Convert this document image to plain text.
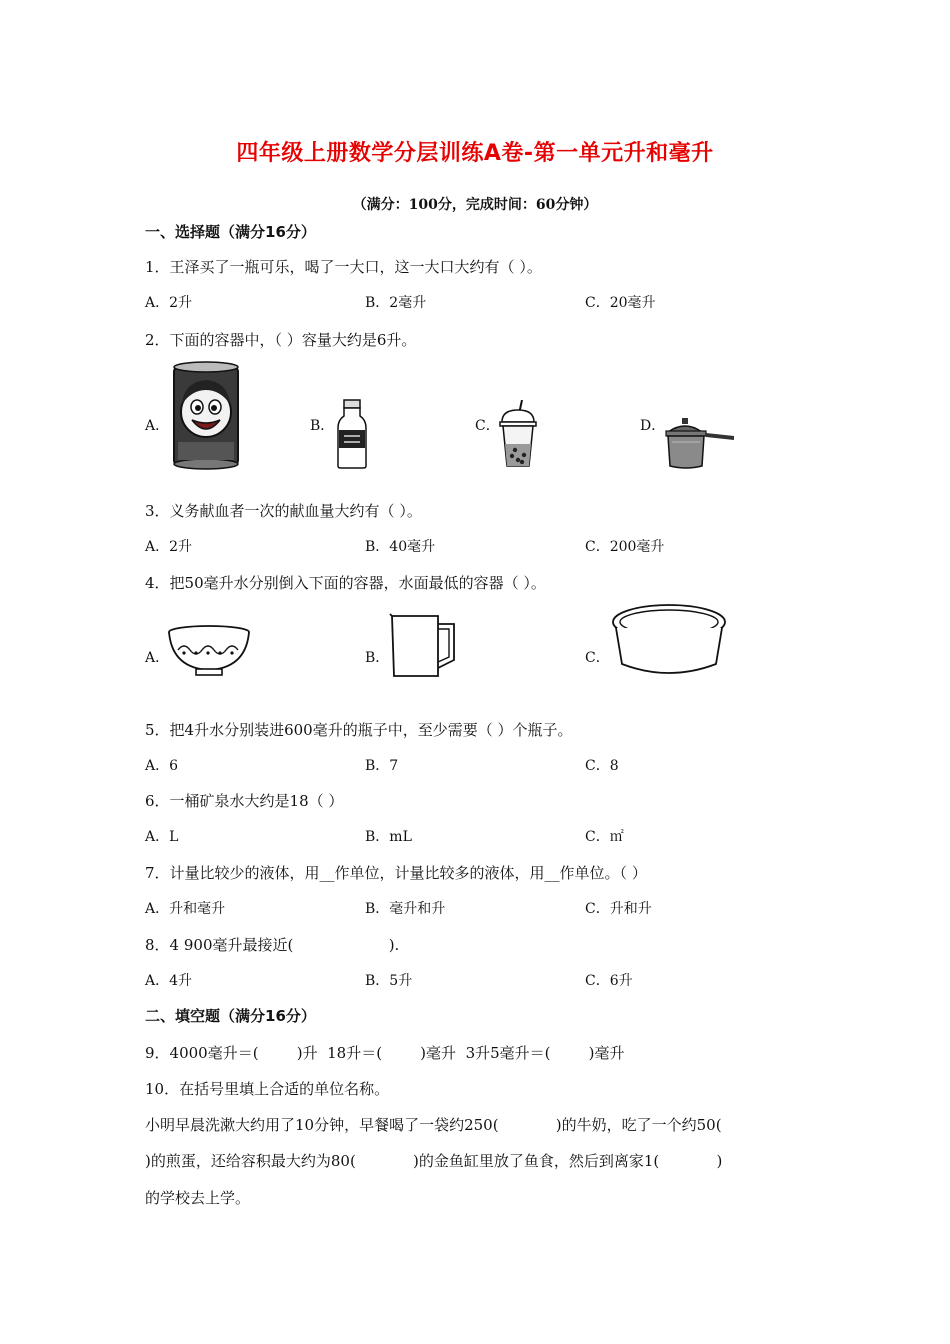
四年级上册数学分层训练A卷-第一单元升和毫升
（满分：100分，完成时间：60分钟）
一、选择题（满分16分）
1．王泽买了一瓶可乐，喝了一大口，这一大口大约有（ ）。
A．2升	B．2毫升	C．20毫升
2．下面的容器中，（ ）容量大约是6升。
A．	B．	C．	D．
3．义务献血者一次的献血量大约有（ ）。
A．2升	B．40毫升	C．200毫升
4．把50毫升水分别倒入下面的容器，水面最低的容器（ ）。
A．	B．	C．
5．把4升水分别装进600毫升的瓶子中，至少需要（ ）个瓶子。
A．6	B．7	C．8
6．一桶矿泉水大约是18（ ）
A．L	B．mL	C．㎡
7．计量比较少的液体，用__作单位，计量比较多的液体，用__作单位。（ ）
A．升和毫升	B．毫升和升	C．升和升
8．4 900毫升最接近(                    ).
A．4升	B．5升	C．6升
二、填空题（满分16分）
9．4000毫升＝(        )升  18升＝(        )毫升  3升5毫升＝(        )毫升
10．在括号里填上合适的单位名称。
小明早晨洗漱大约用了10分钟，早餐喝了一袋约250(            )的牛奶，吃了一个约50(
)的煎蛋，还给容积最大约为80(            )的金鱼缸里放了鱼食，然后到离家1(            )
的学校去上学。
